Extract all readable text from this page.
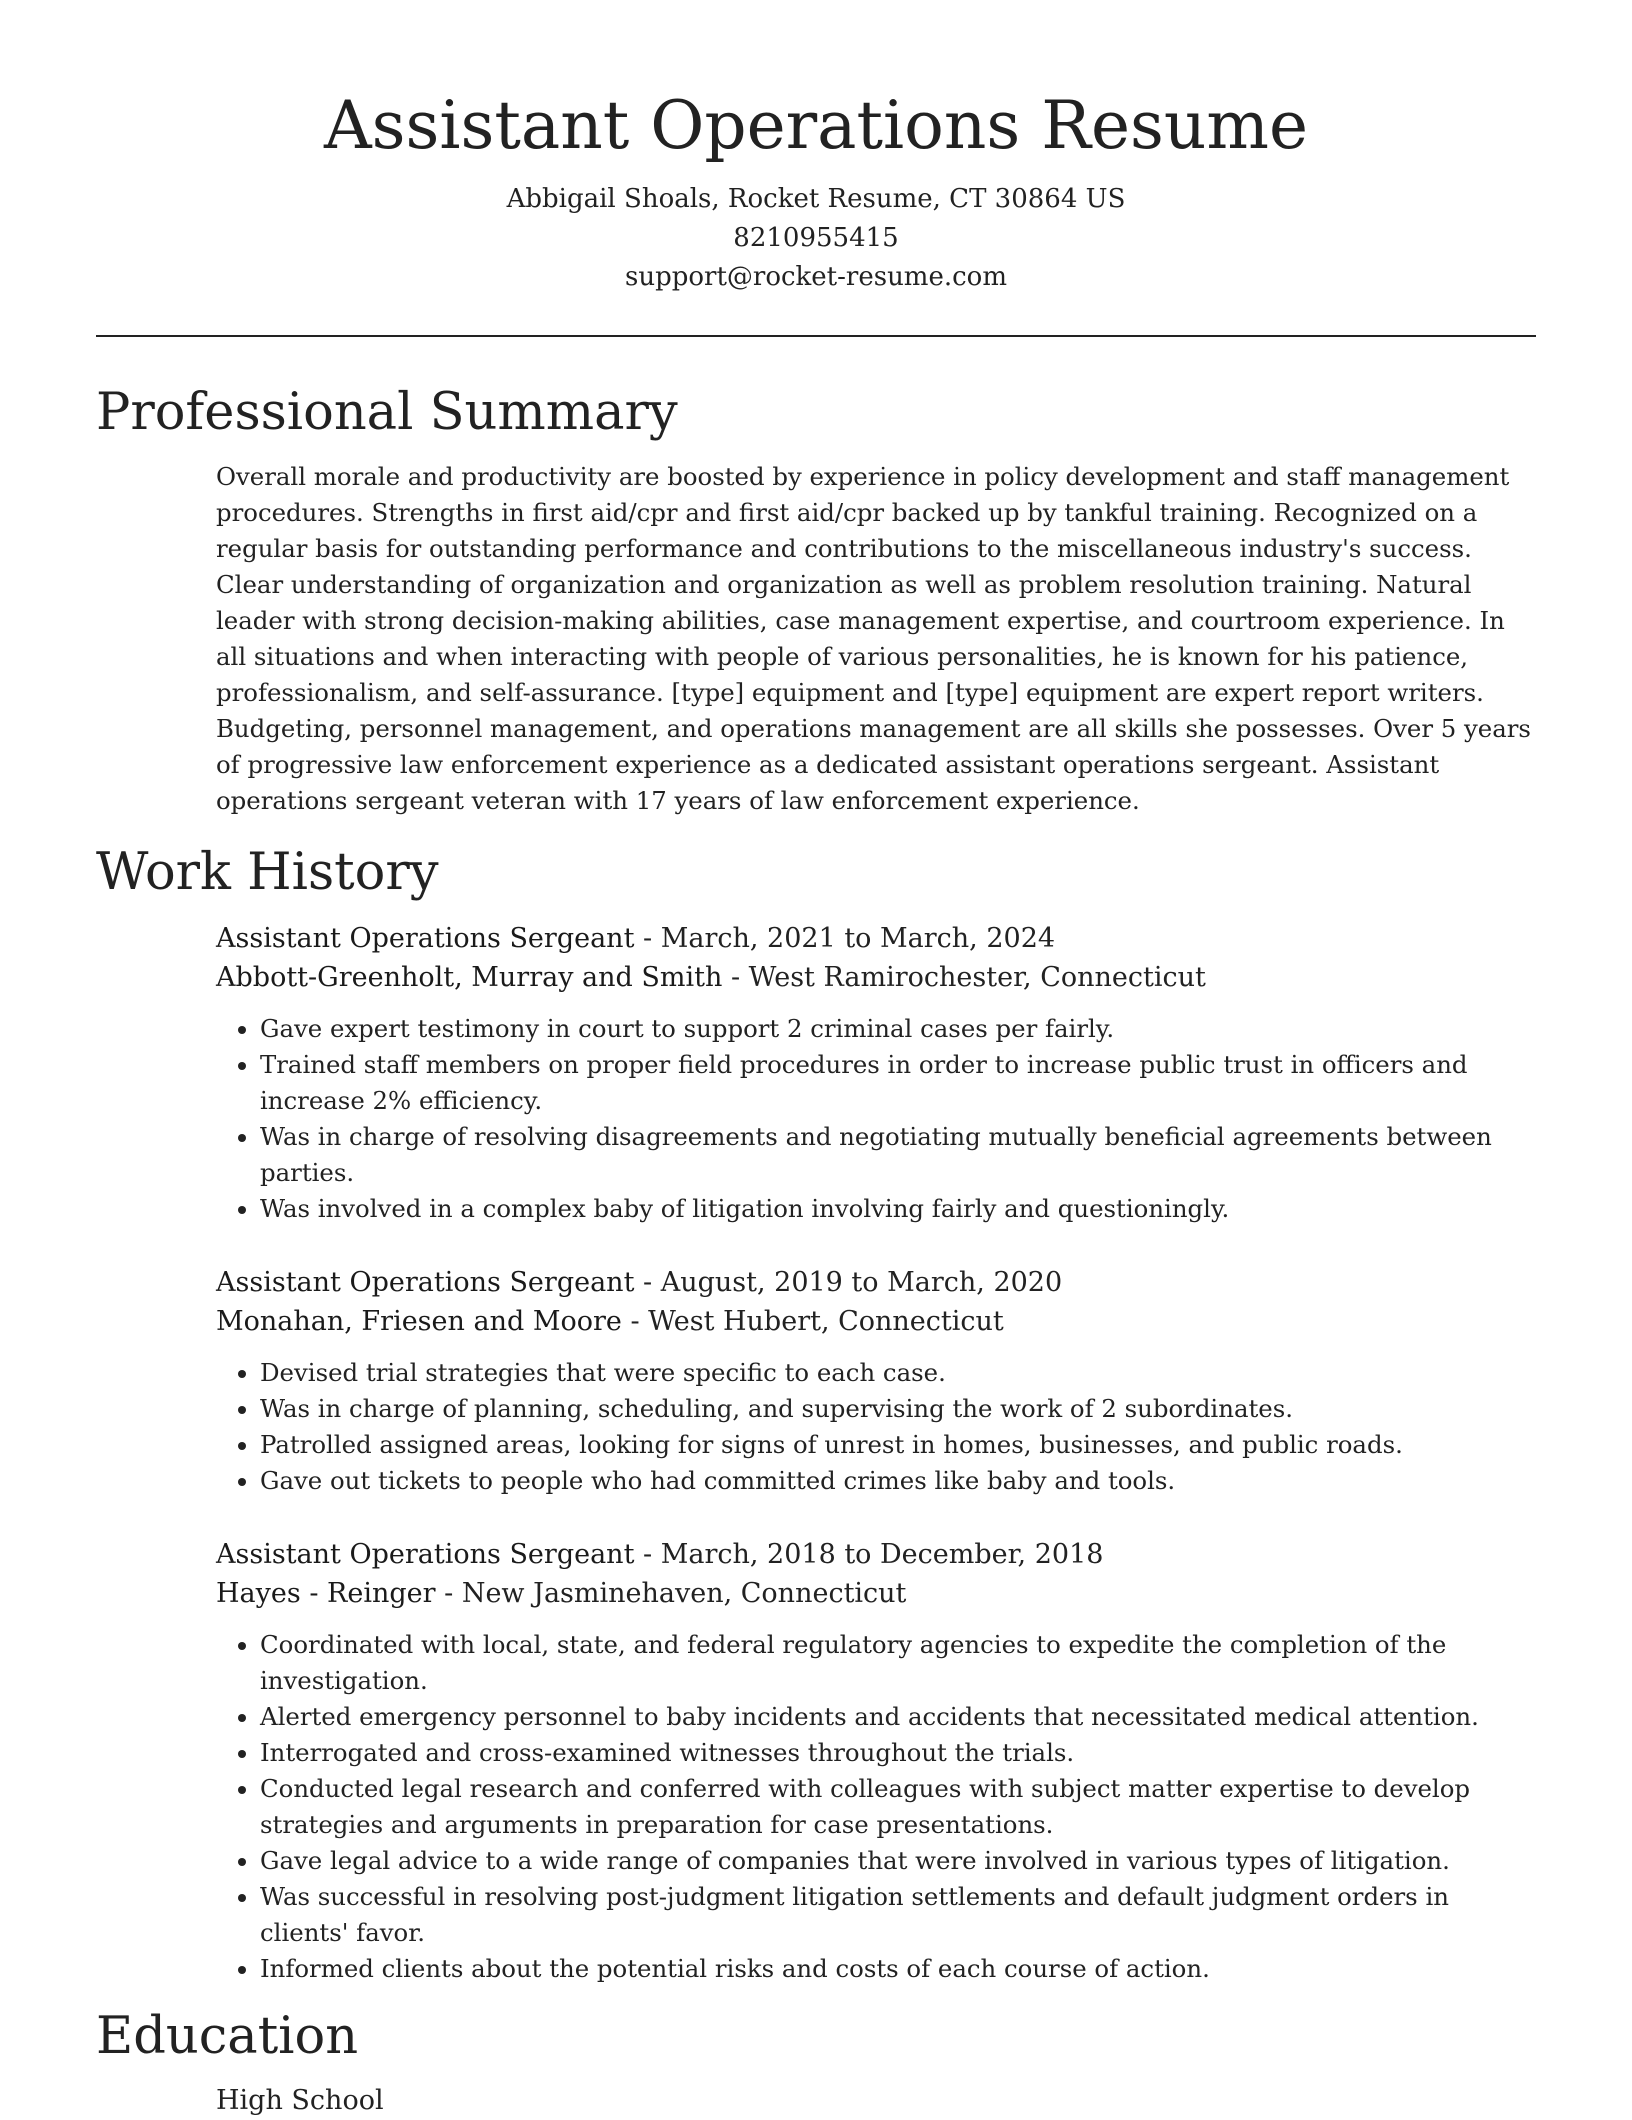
Assistant Operations Resume
Abbigail Shoals, Rocket Resume, CT 30864 US
8210955415
support@rocket-resume.com
Professional Summary

Overall morale and productivity are boosted by experience in policy development and staff management procedures. Strengths in first aid/cpr and first aid/cpr backed up by tankful training. Recognized on a regular basis for outstanding performance and contributions to the miscellaneous industry's success. Clear understanding of organization and organization as well as problem resolution training. Natural leader with strong decision-making abilities, case management expertise, and courtroom experience. In all situations and when interacting with people of various personalities, he is known for his patience, professionalism, and self-assurance. [type] equipment and [type] equipment are expert report writers. Budgeting, personnel management, and operations management are all skills she possesses. Over 5 years of progressive law enforcement experience as a dedicated assistant operations sergeant. Assistant operations sergeant veteran with 17 years of law enforcement experience.

Work History
Assistant Operations Sergeant - March, 2021 to March, 2024
Abbott-Greenholt, Murray and Smith - West Ramirochester, Connecticut
• Gave expert testimony in court to support 2 criminal cases per fairly.
• Trained staff members on proper field procedures in order to increase public trust in officers and increase 2% efficiency.
• Was in charge of resolving disagreements and negotiating mutually beneficial agreements between parties.
• Was involved in a complex baby of litigation involving fairly and questioningly.
Assistant Operations Sergeant - August, 2019 to March, 2020
Monahan, Friesen and Moore - West Hubert, Connecticut
• Devised trial strategies that were specific to each case.
• Was in charge of planning, scheduling, and supervising the work of 2 subordinates.
• Patrolled assigned areas, looking for signs of unrest in homes, businesses, and public roads.
• Gave out tickets to people who had committed crimes like baby and tools.
Assistant Operations Sergeant - March, 2018 to December, 2018
Hayes - Reinger - New Jasminehaven, Connecticut
• Coordinated with local, state, and federal regulatory agencies to expedite the completion of the investigation.
• Alerted emergency personnel to baby incidents and accidents that necessitated medical attention.
• Interrogated and cross-examined witnesses throughout the trials.
• Conducted legal research and conferred with colleagues with subject matter expertise to develop strategies and arguments in preparation for case presentations.
• Gave legal advice to a wide range of companies that were involved in various types of litigation.
• Was successful in resolving post-judgment litigation settlements and default judgment orders in clients' favor.
• Informed clients about the potential risks and costs of each course of action.
Education
High School
